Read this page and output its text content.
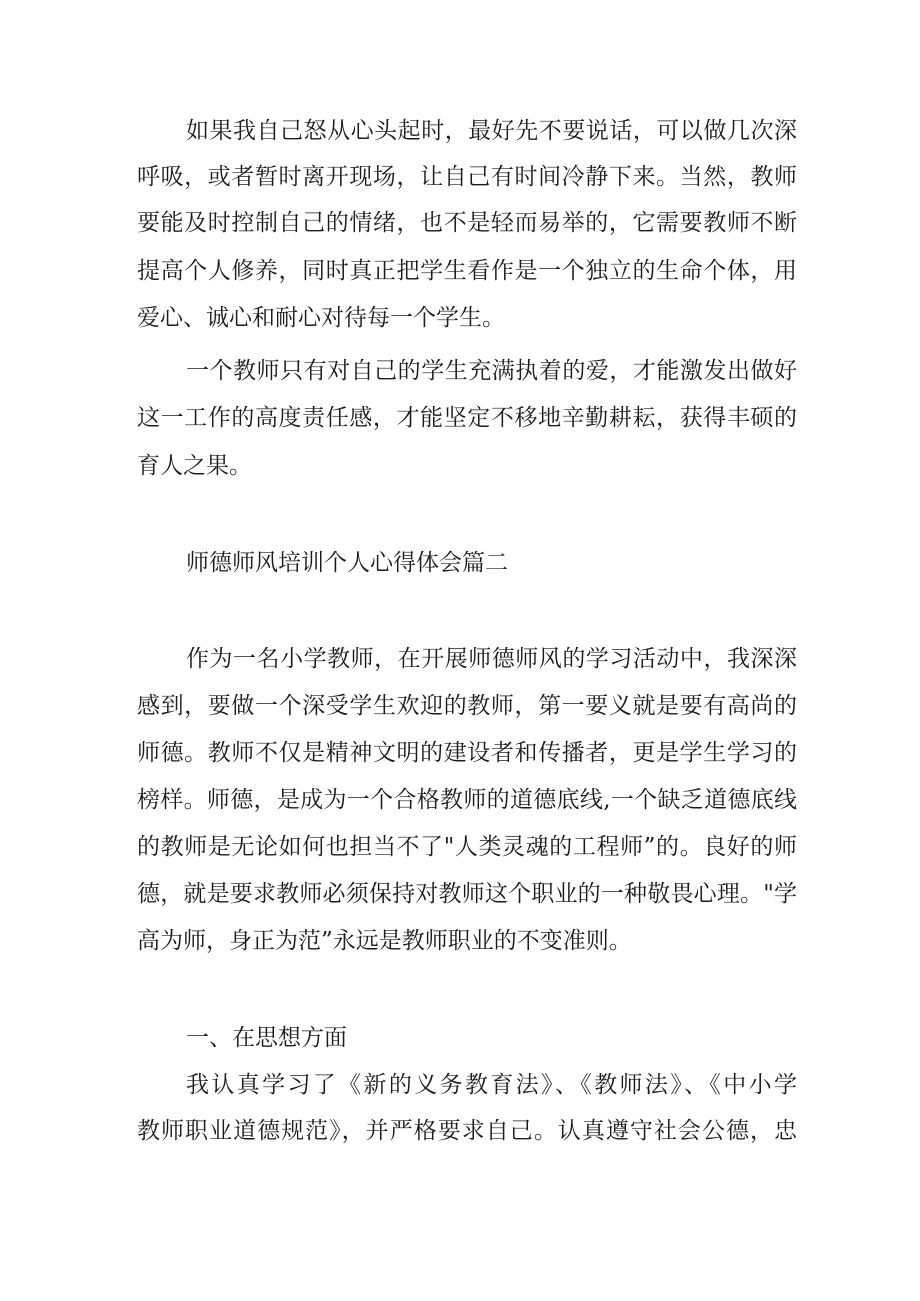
如果我自己怒从心头起时，最好先不要说话，可以做几次深
呼吸，或者暂时离开现场，让自己有时间冷静下来。当然，教师
要能及时控制自己的情绪，也不是轻而易举的，它需要教师不断
提高个人修养，同时真正把学生看作是一个独立的生命个体，用
爱心、诚心和耐心对待每一个学生。
一个教师只有对自己的学生充满执着的爱，才能激发出做好
这一工作的高度责任感，才能坚定不移地辛勤耕耘，获得丰硕的
育人之果。
师德师风培训个人心得体会篇二
作为一名小学教师，在开展师德师风的学习活动中，我深深
感到，要做一个深受学生欢迎的教师，第一要义就是要有高尚的
师德。教师不仅是精神文明的建设者和传播者，更是学生学习的
榜样。师德，是成为一个合格教师的道德底线,一个缺乏道德底线
的教师是无论如何也担当不了"人类灵魂的工程师”的。良好的师
德，就是要求教师必须保持对教师这个职业的一种敬畏心理。"学
高为师，身正为范”永远是教师职业的不变准则。
一、在思想方面
我认真学习了《新的义务教育法》、《教师法》、《中小学
教师职业道德规范》，并严格要求自己。认真遵守社会公德，忠
